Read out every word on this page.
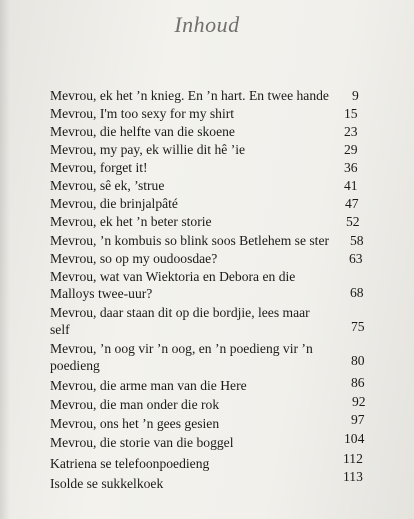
Inhoud
Mevrou, ek het ’n knieg. En ’n hart. En twee hande 9
Mevrou, I'm too sexy for my shirt	15
Mevrou, die helfte van die skoene	23
Mevrou, my pay, ek willie dit hê ’ie	29
Mevrou, forget it!	36
Mevrou, sê ek, ’strue	41
Mevrou, die brinjalpâté	47
Mevrou, ek het ’n beter storie	52
Mevrou, ’n kombuis so blink soos Betlehem se ster 58
Mevrou, so op my oudoosdae?	63
Mevrou, wat van Wiektoria en Debora en die Malloys twee-uur?	68
Mevrou, daar staan dit op die bordjie, lees maar self	75
Mevrou, ’n oog vir ’n oog, en ’n poedieng vir ’n poedieng	80
Mevrou, die arme man van die Here	86
Mevrou, die man onder die rok	92
Mevrou, ons het ’n gees gesien	97
Mevrou, die storie van die boggel	104
Katriena se telefoonpoedieng	112
Isolde se sukkelkoek	113
